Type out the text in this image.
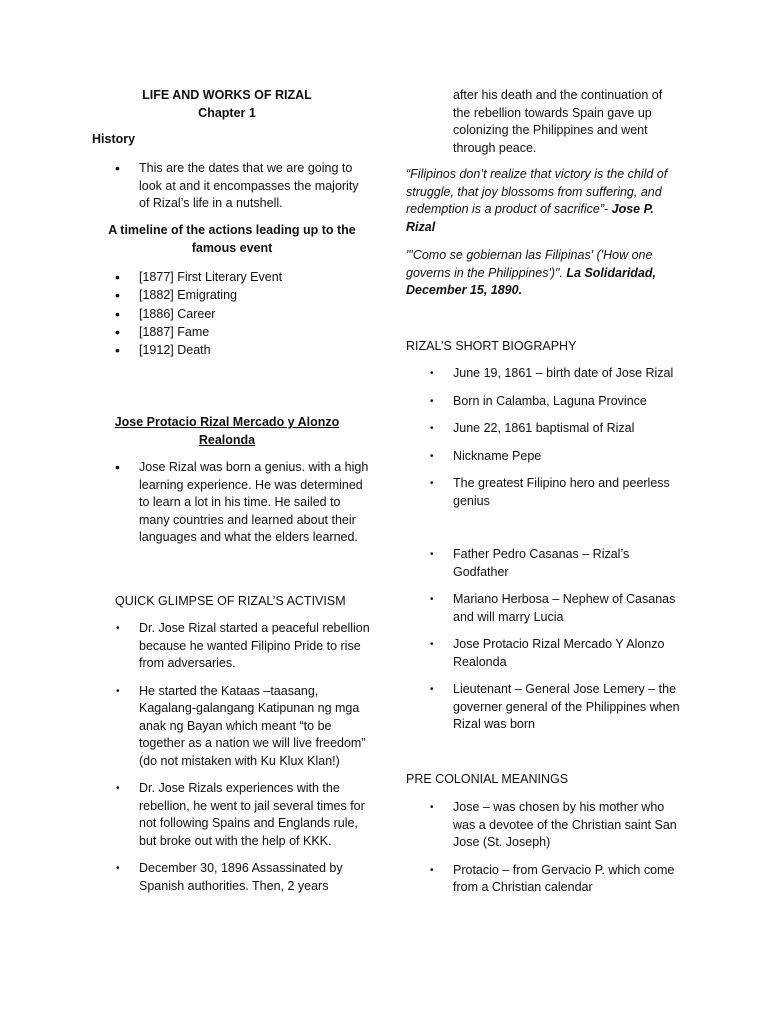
LIFE AND WORKS OF RIZAL
Chapter 1
History
• This are the dates that we are going to look at and it encompasses the majority of Rizal’s life in a nutshell.
A timeline of the actions leading up to the famous event
• [1877] First Literary Event
• [1882] Emigrating
• [1886] Career
• [1887] Fame
• [1912] Death
Jose Protacio Rizal Mercado y Alonzo Realonda
• Jose Rizal was born a genius. with a high
learning experience. He was determined to learn a lot in his time. He sailed to many countries and learned about their languages and what the elders learned.
QUICK GLIMPSE OF RIZAL’S ACTIVISM
• Dr. Jose Rizal started a peaceful rebellion because he wanted Filipino Pride to rise from adversaries.
• He started the Kataas –taasang, Kagalang-galangang Katipunan ng mga anak ng Bayan which meant “to be together as a nation we will live freedom” (do not mistaken with Ku Klux Klan!)
• Dr. Jose Rizals experiences with the rebellion, he went to jail several times for not following Spains and Englands rule, but broke out with the help of KKK.
• December 30, 1896 Assassinated by Spanish authorities. Then, 2 years
after his death and the continuation of the rebellion towards Spain gave up colonizing the Philippines and went through peace.
“Filipinos don’t realize that victory is the child of struggle, that joy blossoms from suffering, and redemption is a product of sacrifice”- Jose P. Rizal
"'Como se gobiernan las Filipinas' ('How one governs in the Philippines')". La Solidaridad, December 15, 1890.
RIZAL’S SHORT BIOGRAPHY
• June 19, 1861 – birth date of Jose Rizal
• Born in Calamba, Laguna Province
• June 22, 1861 baptismal of Rizal
• Nickname Pepe
• The greatest Filipino hero and peerless genius
• Father Pedro Casanas – Rizal’s Godfather
• Mariano Herbosa – Nephew of Casanas and will marry Lucia
• Jose Protacio Rizal Mercado Y Alonzo Realonda
• Lieutenant – General Jose Lemery – the governer general of the Philippines when Rizal was born
PRE COLONIAL MEANINGS
• Jose – was chosen by his mother who was a devotee of the Christian saint San Jose (St. Joseph)
• Protacio – from Gervacio P. which come from a Christian calendar
